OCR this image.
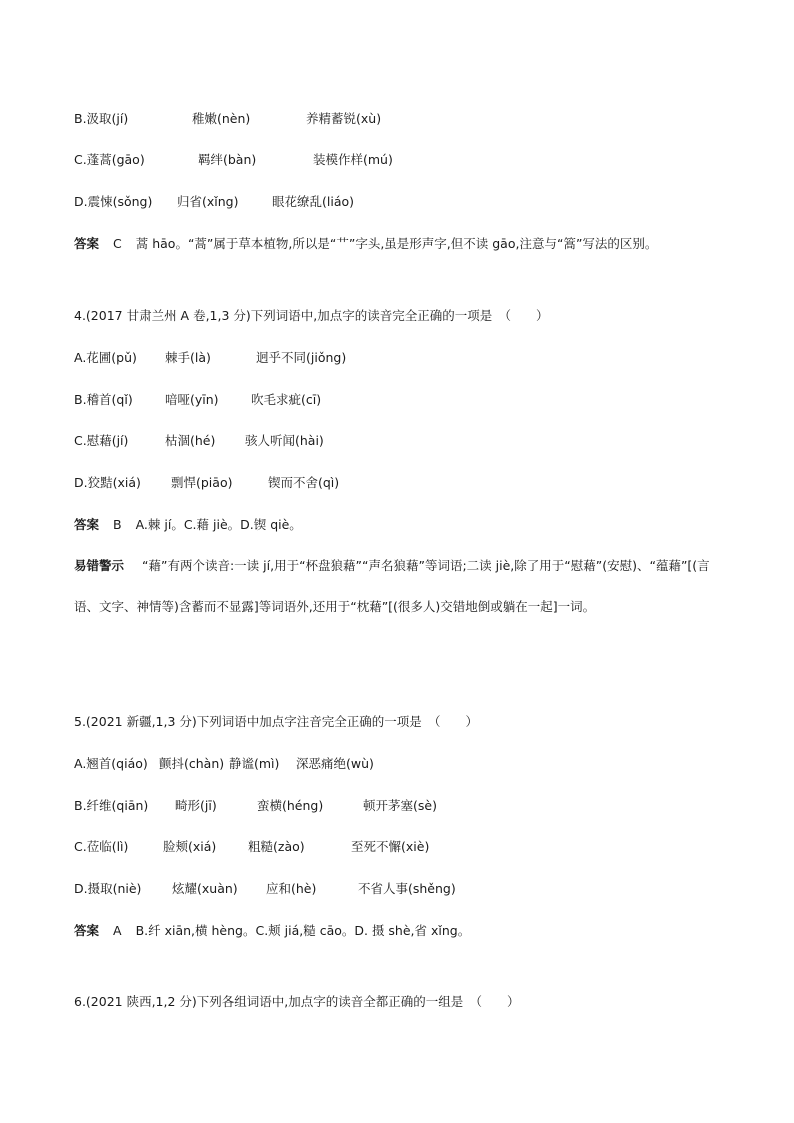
B.汲取(jí)	稚嫩(nèn)	养精蓄锐(xù)
C.蓬蒿(gāo)	羁绊(bàn)	装模作样(mú)
D.震悚(sǒng) 归省(xǐng)	眼花缭乱(liáo)
答案 C 蒿 hāo。“蒿”属于草本植物,所以是“艹”字头,虽是形声字,但不读 gāo,注意与“篙”写法的区别。
4.(2017 甘肃兰州 A 卷,1,3 分)下列词语中,加点字的读音完全正确的一项是　（　　）
A.花圃(pǔ) 棘手(là)	迥乎不同(jiǒng)
B.稽首(qǐ)	喑哑(yīn)	吹毛求疵(cī)
C.慰藉(jí)	枯涸(hé) 骇人听闻(hài)
D.狡黠(xiá) 剽悍(piāo)	锲而不舍(qì)
答案 B A.棘 jí。C.藉 jiè。D.锲 qiè。
易错警示 “藉”有两个读音:一读 jí,用于“杯盘狼藉”“声名狼藉”等词语;二读 jiè,除了用于“慰藉”(安慰)、“蕴藉”[(言语、文字、神情等)含蓄而不显露]等词语外,还用于“枕藉”[(很多人)交错地倒或躺在一起]一词。
5.(2021 新疆,1,3 分)下列词语中加点字注音完全正确的一项是　（　　）
A.翘首(qiáo) 颤抖(chàn) 静谧(mì) 深恶痛绝(wù)
B.纤维(qiān) 畸形(jī)	蛮横(héng)	顿开茅塞(sè)
C.莅临(lì)	脸颊(xiá)	粗糙(zào)	至死不懈(xiè)
D.摄取(niè) 炫耀(xuàn) 应和(hè)	不省人事(shěng)
答案 A B.纤 xiān,横 hèng。C.颊 jiá,糙 cāo。D. 摄 shè,省 xǐng。
6.(2021 陕西,1,2 分)下列各组词语中,加点字的读音全都正确的一组是　（　　）
